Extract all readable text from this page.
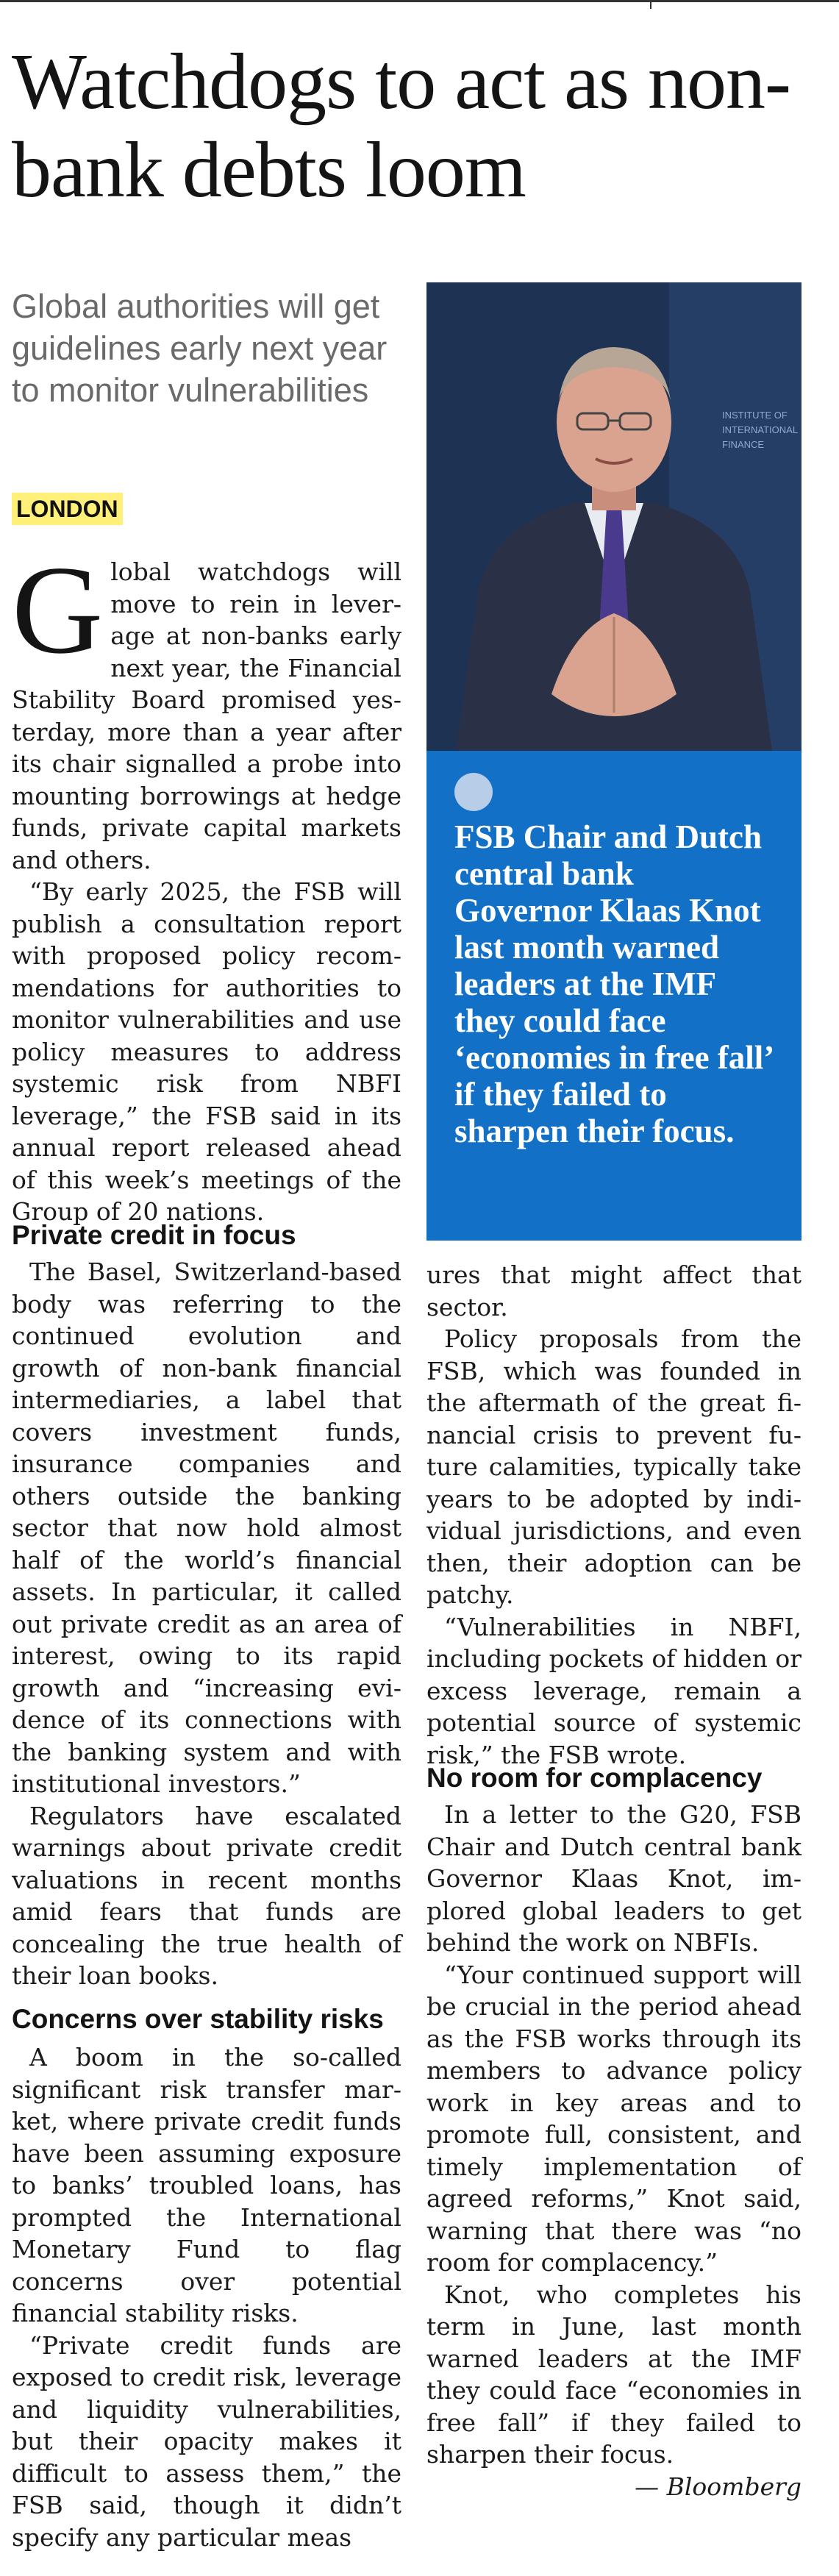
Watchdogs to act as non-bank debts loom

Global authorities will get guidelines early next year to monitor vulnerabilities

LONDON
INSTITUTE OF
INTERNATIONAL
FINANCE

FSB Chair and Dutch central bank Governor Klaas Knot last month warned leaders at the IMF they could face ‘economies in free fall’ if they failed to sharpen their focus.

Global watchdogs will move to rein in leverage at non-banks early next year, the Financial Stability Board promised yesterday, more than a year after its chair signalled a probe into mounting borrowings at hedge funds, private capital markets and others.

“By early 2025, the FSB will publish a consultation report with proposed policy recommendations for authorities to monitor vulnerabilities and use policy measures to address systemic risk from NBFI leverage,” the FSB said in its annual report released ahead of this week’s meetings of the Group of 20 nations.

Private credit in focus

The Basel, Switzerland-based body was referring to the continued evolution and growth of non-bank financial intermediaries, a label that covers investment funds, insurance companies and others outside the banking sector that now hold almost half of the world’s financial assets. In particular, it called out private credit as an area of interest, owing to its rapid growth and “increasing evidence of its connections with the banking system and with institutional investors.”

Regulators have escalated warnings about private credit valuations in recent months amid fears that funds are concealing the true health of their loan books.

Concerns over stability risks

A boom in the so-called significant risk transfer market, where private credit funds have been assuming exposure to banks’ troubled loans, has prompted the International Monetary Fund to flag concerns over potential financial stability risks.

“Private credit funds are exposed to credit risk, leverage and liquidity vulnerabilities, but their opacity makes it difficult to assess them,” the FSB said, though it didn’t specify any particular meas

ures that might affect that sector.

Policy proposals from the FSB, which was founded in the aftermath of the great financial crisis to prevent future calamities, typically take years to be adopted by individual jurisdictions, and even then, their adoption can be patchy.

“Vulnerabilities in NBFI, including pockets of hidden or excess leverage, remain a potential source of systemic risk,” the FSB wrote.

No room for complacency

In a letter to the G20, FSB Chair and Dutch central bank Governor Klaas Knot, implored global leaders to get behind the work on NBFIs.

“Your continued support will be crucial in the period ahead as the FSB works through its members to advance policy work in key areas and to promote full, consistent, and timely implementation of agreed reforms,” Knot said, warning that there was “no room for complacency.”

Knot, who completes his term in June, last month warned leaders at the IMF they could face “economies in free fall” if they failed to sharpen their focus.

— Bloomberg
